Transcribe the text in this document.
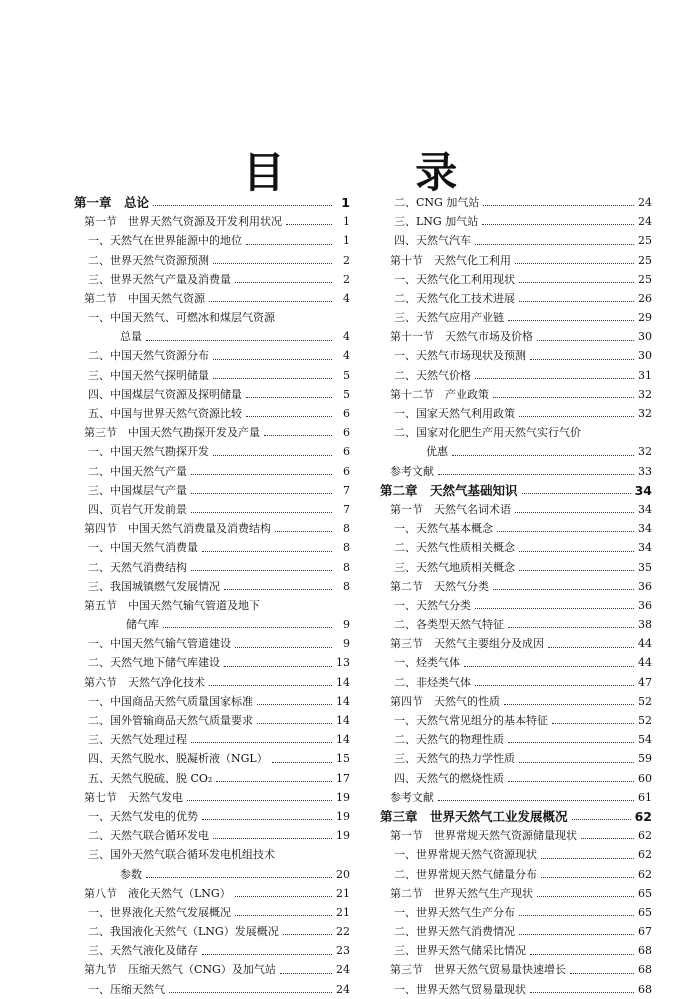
目 录
第一章　总论	1
第一节　世界天然气资源及开发利用状况	1
一、天然气在世界能源中的地位	1
二、世界天然气资源预测	2
三、世界天然气产量及消费量	2
第二节　中国天然气资源	4
一、中国天然气、可燃冰和煤层气资源
总量	4
二、中国天然气资源分布	4
三、中国天然气探明储量	5
四、中国煤层气资源及探明储量	5
五、中国与世界天然气资源比较	6
第三节　中国天然气勘探开发及产量	6
一、中国天然气勘探开发	6
二、中国天然气产量	6
三、中国煤层气产量	7
四、页岩气开发前景	7
第四节　中国天然气消费量及消费结构	8
一、中国天然气消费量	8
二、天然气消费结构	8
三、我国城镇燃气发展情况	8
第五节　中国天然气输气管道及地下
储气库	9
一、中国天然气输气管道建设	9
二、天然气地下储气库建设	13
第六节　天然气净化技术	14
一、中国商品天然气质量国家标准	14
二、国外管输商品天然气质量要求	14
三、天然气处理过程	14
四、天然气脱水、脱凝析液（NGL）	15
五、天然气脱硫、脱 CO₂	17
第七节　天然气发电	19
一、天然气发电的优势	19
二、天然气联合循环发电	19
三、国外天然气联合循环发电机组技术
参数	20
第八节　液化天然气（LNG）	21
一、世界液化天然气发展概况	21
二、我国液化天然气（LNG）发展概况	22
三、天然气液化及储存	23
第九节　压缩天然气（CNG）及加气站	24
一、压缩天然气	24
二、CNG 加气站	24
三、LNG 加气站	24
四、天然气汽车	25
第十节　天然气化工利用	25
一、天然气化工利用现状	25
二、天然气化工技术进展	26
三、天然气应用产业链	29
第十一节　天然气市场及价格	30
一、天然气市场现状及预测	30
二、天然气价格	31
第十二节　产业政策	32
一、国家天然气利用政策	32
二、国家对化肥生产用天然气实行气价
优惠	32
参考文献	33
第二章　天然气基础知识	34
第一节　天然气名词术语	34
一、天然气基本概念	34
二、天然气性质相关概念	34
三、天然气地质相关概念	35
第二节　天然气分类	36
一、天然气分类	36
二、各类型天然气特征	38
第三节　天然气主要组分及成因	44
一、烃类气体	44
二、非烃类气体	47
第四节　天然气的性质	52
一、天然气常见组分的基本特征	52
二、天然气的物理性质	54
三、天然气的热力学性质	59
四、天然气的燃烧性质	60
参考文献	61
第三章　世界天然气工业发展概况	62
第一节　世界常规天然气资源储量现状	62
一、世界常规天然气资源现状	62
二、世界常规天然气储量分布	62
第二节　世界天然气生产现状	65
一、世界天然气生产分布	65
二、世界天然气消费情况	67
三、世界天然气储采比情况	68
第三节　世界天然气贸易量快速增长	68
一、世界天然气贸易量现状	68
